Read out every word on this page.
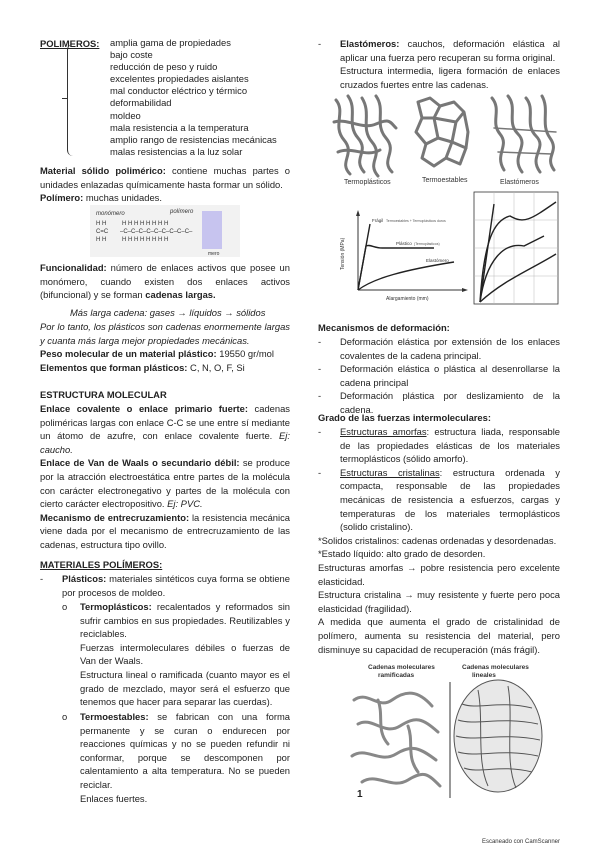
POLIMEROS: amplia gama de propiedades
bajo coste
reducción de peso y ruido
excelentes propiedades aislantes
mal conductor eléctrico y térmico
deformabilidad
moldeo
mala resistencia a la temperatura
amplio rango de resistencias mecánicas
malas resistencias a la luz solar

Material sólido polimérico: contiene muchas partes o unidades enlazadas químicamente hasta formar un sólido.

Polímero: muchas unidades.

monómero	polímero
mero
H H
C=C
H H
H H H H H H H H
–C–C–C–C–C–C–C–C–C–
H H H H H H H H

Funcionalidad: número de enlaces activos que posee un monómero, cuando existen dos enlaces activos (bifuncional) y se forman cadenas largas.

Más larga cadena: gases → líquidos → sólidos

Por lo tanto, los plásticos son cadenas enormemente largas y cuanta más larga mejor propiedades mecánicas.

Peso molecular de un material plástico: 19550 gr/mol

Elementos que forman plásticos: C, N, O, F, Si

ESTRUCTURA MOLECULAR

Enlace covalente o enlace primario fuerte: cadenas poliméricas largas con enlace C-C se une entre sí mediante un átomo de azufre, con enlace covalente fuerte. Ej: caucho.

Enlace de Van de Waals o secundario débil: se produce por la atracción electroestática entre partes de la molécula con carácter electronegativo y partes de la molécula con cierto carácter electropositivo. Ej: PVC.

Mecanismo de entrecruzamiento: la resistencia mecánica viene dada por el mecanismo de entrecruzamiento de las cadenas, estructura tipo ovillo.

MATERIALES POLÍMEROS:
-	Plásticos: materiales sintéticos cuya forma se obtiene por procesos de moldeo.

o	Termoplásticos: recalentados y reformados sin sufrir cambios en sus propiedades. Reutilizables y reciclables.

Fuerzas intermoleculares débiles o fuerzas de Van der Waals.

Estructura lineal o ramificada (cuanto mayor es el grado de mezclado, mayor será el esfuerzo que tenemos que hacer para separar las cuerdas).

o	Termoestables: se fabrican con una forma permanente y se curan o endurecen por reacciones químicas y no se pueden refundir ni conformar, porque se descomponen por calentamiento a alta temperatura. No se pueden reciclar.

Enlaces fuertes.

-	Elastómeros: cauchos, deformación elástica al aplicar una fuerza pero recuperan su forma original.

Estructura intermedia, ligera formación de enlaces cruzados fuertes entre las cadenas.

Termoplásticos	Termoestables	Elastómeros
Tensión (MPa)
Alargamiento (mm)
Frágil Termoestables + Termoplásticos duros
Plástico (Termoplásticos)
Elastómero
Mecanismos de deformación:
-	Deformación elástica por extensión de los enlaces covalentes de la cadena principal.

-	Deformación elástica o plástica al desenrollarse la cadena principal

-	Deformación plástica por deslizamiento de la cadena.

Grado de las fuerzas intermoleculares:
-	Estructuras amorfas: estructura liada, responsable de las propiedades elásticas de los materiales termoplásticos (sólido amorfo).

-	Estructuras cristalinas: estructura ordenada y compacta, responsable de las propiedades mecánicas de resistencia a esfuerzos, cargas y temperaturas de los materiales termoplásticos (solido cristalino).

*Solidos cristalinos: cadenas ordenadas y desordenadas.

*Estado líquido: alto grado de desorden.

Estructuras amorfas → pobre resistencia pero excelente elasticidad.

Estructura cristalina → muy resistente y fuerte pero poca elasticidad (fragilidad).

A medida que aumenta el grado de cristalinidad de polímero, aumenta su resistencia del material, pero disminuye su capacidad de recuperación (más frágil).

Cadenas moleculares
ramificadas
Cadenas moleculares
lineales
1
Escaneado con CamScanner
